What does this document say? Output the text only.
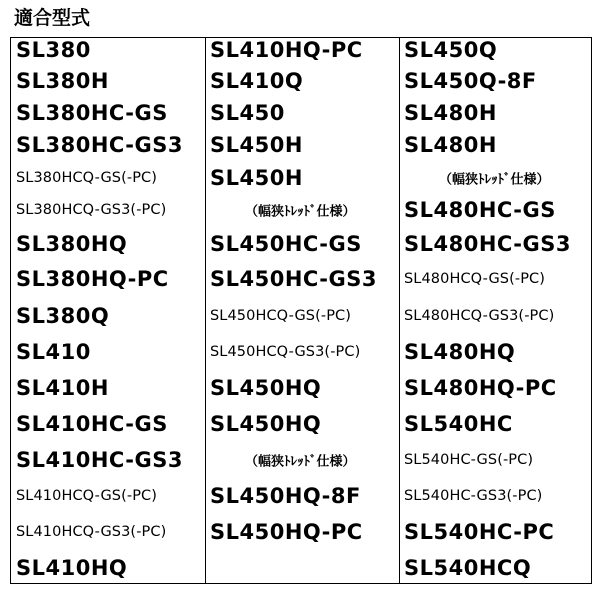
適合型式
SL380
SL380H
SL380HC-GS
SL380HC-GS3
SL380HCQ-GS(-PC)
SL380HCQ-GS3(-PC)
SL380HQ
SL380HQ-PC
SL380Q
SL410
SL410H
SL410HC-GS
SL410HC-GS3
SL410HCQ-GS(-PC)
SL410HCQ-GS3(-PC)
SL410HQ
SL410HQ-PC
SL410Q
SL450
SL450H
SL450H
（幅狭ﾄﾚｯﾄﾞ仕様）
SL450HC-GS
SL450HC-GS3
SL450HCQ-GS(-PC)
SL450HCQ-GS3(-PC)
SL450HQ
SL450HQ
（幅狭ﾄﾚｯﾄﾞ仕様）
SL450HQ-8F
SL450HQ-PC
SL450Q
SL450Q-8F
SL480H
SL480H
（幅狭ﾄﾚｯﾄﾞ仕様）
SL480HC-GS
SL480HC-GS3
SL480HCQ-GS(-PC)
SL480HCQ-GS3(-PC)
SL480HQ
SL480HQ-PC
SL540HC
SL540HC-GS(-PC)
SL540HC-GS3(-PC)
SL540HC-PC
SL540HCQ
